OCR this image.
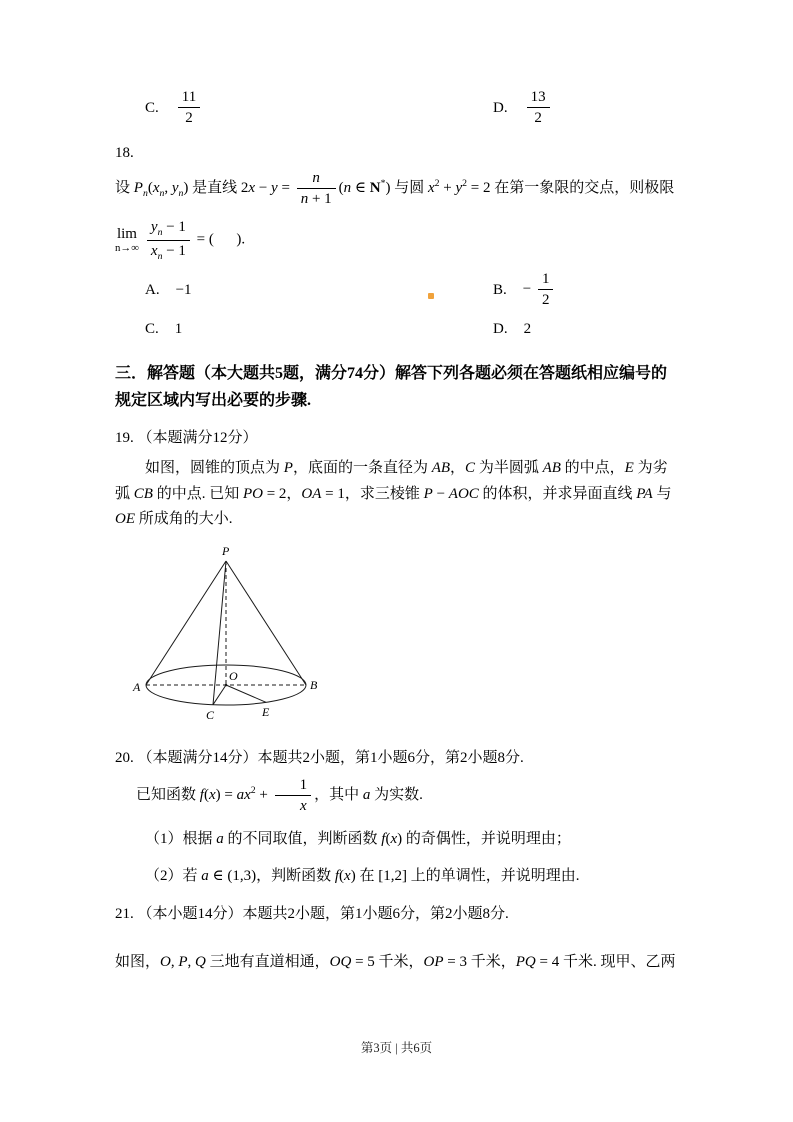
C. $\frac{11}{2}$	D. $\frac{13}{2}$
18.

设 $P_n(x_n$, $y_n$) 是直线 $2x - y = \frac{n}{n + 1} (n$ ∈ N*) 与圆 $x^2 + y^2 = 2$ 在第一象限的交点，则极限

lim
$n\to\infty \frac{y_n - 1}{x_n - 1}$ = (      ).

A. −1	B. − $\frac{1}{2}$
C. 1	D. 2

三．解答题（本大题共5题，满分74分）解答下列各题必须在答题纸相应编号的规定区域内写出必要的步骤.

19. （本题满分12分）

如图，圆锥的顶点为 P，底面的一条直径为 AB，C 为半圆弧 AB 的中点，E 为劣弧 CB 的中点. 已知 PO = 2，OA = 1，求三棱锥 P − AOC 的体积，并求异面直线 PA 与 OE 所成角的大小.

P
A
O
B
C	E

20. （本题满分14分）本题共2小题，第1小题6分，第2小题8分.

已知函数 $f(x) = ax^2 + \frac{1}{x}$ ，其中 a 为实数.

（1）根据 a 的不同取值，判断函数 f(x) 的奇偶性，并说明理由；

（2）若 a ∈ (1,3)，判断函数 f(x) 在 [1,2] 上的单调性，并说明理由.

21. （本小题14分）本题共2小题，第1小题6分，第2小题8分.

如图，O, P, Q 三地有直道相通，OQ = 5 千米，OP = 3 千米，PQ = 4 千米. 现甲、乙两

第3页 | 共6页
